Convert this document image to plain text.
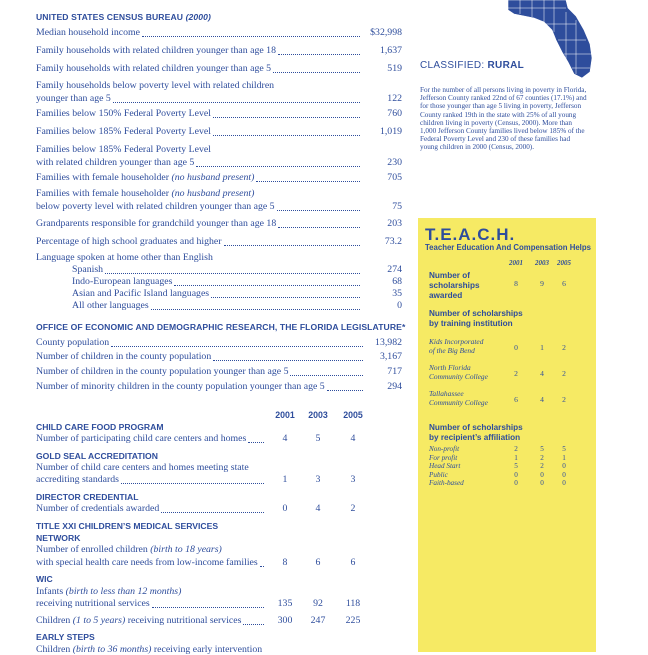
UNITED STATES CENSUS BUREAU (2000)
OFFICE OF ECONOMIC AND DEMOGRAPHIC RESEARCH, THE FLORIDA LEGISLATURE*
CLASSIFIED: RURAL
For the number of all persons living in poverty in Florida, Jefferson County ranked 22nd of 67 counties (17.1%) and for those younger than age 5 living in poverty, Jefferson County ranked 19th in the state with 25% of all young children living in poverty (Census, 2000). More than 1,000 Jefferson County families lived below 185% of the Federal Poverty Level and 230 of these families had young children in 2000 (Census, 2000).
T.E.A.C.H.
Teacher Education And Compensation Helps
2001	2003	2005
Number of
scholarships
awarded
8	9	6
Number of scholarships
by training institution
Kids Incorporated
of the Big Bend	0	1	2
North Florida
Community College	2	4	2
Tallahassee
Community College	6	4	2
Number of scholarships
by recipient’s affiliation
Non-profit	2	5	5
For profit	1	2	1
Head Start	5	2	0
Public	0	0	0
Faith-based	0	0	0
Median household income	$32,998
Family households with related children younger than age 18	1,637
Family households with related children younger than age 5	519
Family households below poverty level with related children
younger than age 5	122
Families below 150% Federal Poverty Level	760
Families below 185% Federal Poverty Level	1,019
Families below 185% Federal Poverty Level
with related children younger than age 5	230
Families with female householder (no husband present)	705
Families with female householder (no husband present)
below poverty level with related children younger than age 5	75
Grandparents responsible for grandchild younger than age 18	203
Percentage of high school graduates and higher	73.2
Language spoken at home other than English
Spanish	274
Indo-European languages	68
Asian and Pacific Island languages	35
All other languages	0
County population	13,982
Number of children in the county population	3,167
Number of children in the county population younger than age 5	717
Number of minority children in the county population younger than age 5	294
2001	2003	2005
CHILD CARE FOOD PROGRAM
Number of participating child care centers and homes	4	5	4
GOLD SEAL ACCREDITATION
Number of child care centers and homes meeting state
accrediting standards	1	3	3
DIRECTOR CREDENTIAL
Number of credentials awarded	0	4	2
TITLE XXI CHILDREN’S MEDICAL SERVICES
NETWORK
Number of enrolled children (birth to 18 years)
with special health care needs from low-income families	8	6	6
WIC
Infants (birth to less than 12 months)
receiving nutritional services	135	92	118
Children (1 to 5 years) receiving nutritional services	300	247	225
EARLY STEPS
Children (birth to 36 months) receiving early intervention
